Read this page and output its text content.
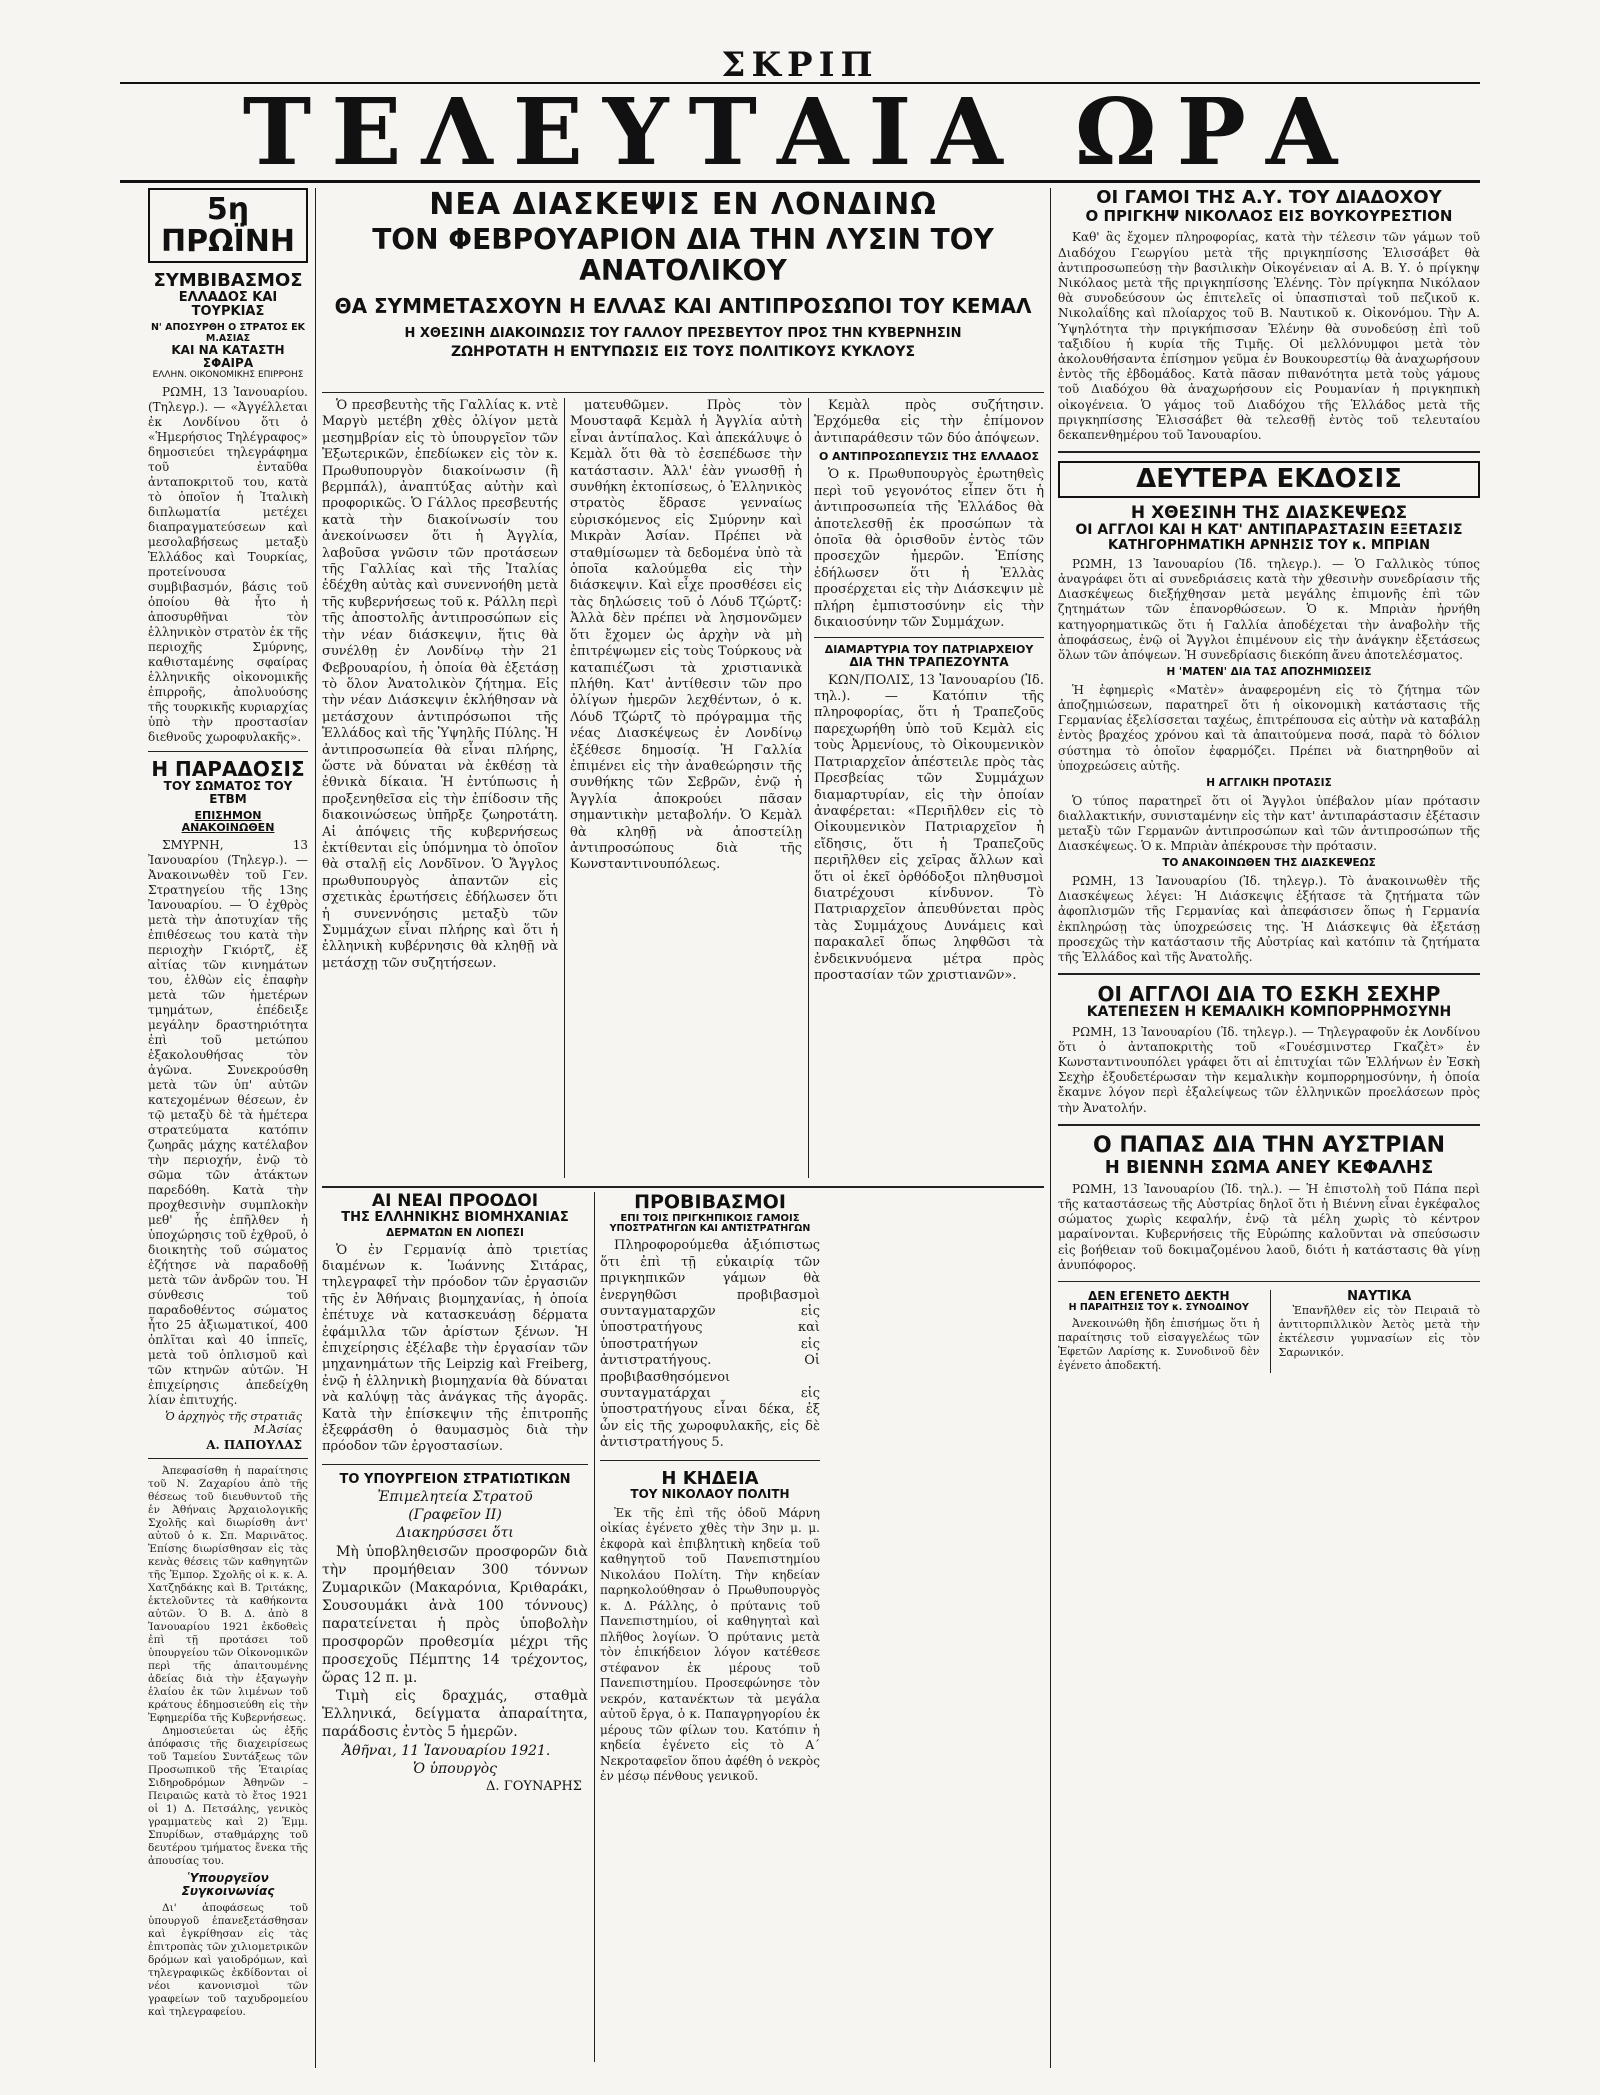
ΣΚΡΙΠ
ΤΕΛΕΥΤΑΙΑ ΩΡΑ
5η ΠΡΩΪΝΗ
ΣΥΜΒΙΒΑΣΜΟΣ
ΕΛΛΑΔΟΣ ΚΑΙ ΤΟΥΡΚΙΑΣ
Ν' ΑΠΟΣΥΡΘΗ Ο ΣΤΡΑΤΟΣ ΕΚ Μ.ΑΣΙΑΣ
ΚΑΙ ΝΑ ΚΑΤΑΣΤΗ ΣΦΑΙΡΑ
ΕΛΛΗΝ. ΟΙΚΟΝΟΜΙΚΗΣ ΕΠΙΡΡΟΗΣ

ΡΩΜΗ, 13 Ἰανουαρίου. (Τηλεγρ.). — «Ἀγγέλλεται ἐκ Λονδίνου ὅτι ὁ «Ἡμερήσιος Τηλέγραφος» δημοσιεύει τηλεγράφημα τοῦ ἐνταῦθα ἀνταποκριτοῦ του, κατὰ τὸ ὁποῖον ἡ Ἰταλικὴ διπλωματία μετέχει διαπραγματεύσεων καὶ μεσολαβήσεως μεταξὺ Ἑλλάδος καὶ Τουρκίας, προτείνουσα συμβιβασμόν, βάσις τοῦ ὁποίου θὰ ἦτο ἡ ἀποσυρθῆναι τὸν ἑλληνικὸν στρατὸν ἐκ τῆς περιοχῆς Σμύρνης, καθισταμένης σφαίρας ἑλληνικῆς οἰκονομικῆς ἐπιρροῆς, ἀπολυούσης τῆς τουρκικῆς κυριαρχίας ὑπὸ τὴν προστασίαν διεθνοῦς χωροφυλακῆς».

Η ΠΑΡΑΔΟΣΙΣ
ΤΟΥ ΣΩΜΑΤΟΣ ΤΟΥ ΕΤΒΜ
ΕΠΙΣΗΜΟΝ ΑΝΑΚΟΙΝΩΘΕΝ

ΣΜΥΡΝΗ, 13 Ἰανουαρίου (Τηλεγρ.). — Ἀνακοινωθὲν τοῦ Γεν. Στρατηγείου τῆς 13ης Ἰανουαρίου. — Ὁ ἐχθρὸς μετὰ τὴν ἀποτυχίαν τῆς ἐπιθέσεως του κατὰ τὴν περιοχὴν Γκιόρτζ, ἐξ αἰτίας τῶν κινημάτων του, ἐλθὼν εἰς ἐπαφὴν μετὰ τῶν ἡμετέρων τμημάτων, ἐπέδειξε μεγάλην δραστηριότητα ἐπὶ τοῦ μετώπου ἐξακολουθήσας τὸν ἀγῶνα. Συνεκρούσθη μετὰ τῶν ὑπ' αὐτῶν κατεχομένων θέσεων, ἐν τῷ μεταξὺ δὲ τὰ ἡμέτερα στρατεύματα κατόπιν ζωηρᾶς μάχης κατέλαβον τὴν περιοχήν, ἐνῷ τὸ σῶμα τῶν ἀτάκτων παρεδόθη. Κατὰ τὴν προχθεσινὴν συμπλοκὴν μεθ' ἧς ἐπῆλθεν ἡ ὑποχώρησις τοῦ ἐχθροῦ, ὁ διοικητὴς τοῦ σώματος ἐζήτησε νὰ παραδοθῇ μετὰ τῶν ἀνδρῶν του. Ἡ σύνθεσις τοῦ παραδοθέντος σώματος ἦτο 25 ἀξιωματικοί, 400 ὁπλῖται καὶ 40 ἱππεῖς, μετὰ τοῦ ὁπλισμοῦ καὶ τῶν κτηνῶν αὐτῶν. Ἡ ἐπιχείρησις ἀπεδείχθη λίαν ἐπιτυχής.

Ὁ ἀρχηγὸς τῆς στρατιᾶς Μ.Ἀσίας
Α. ΠΑΠΟΥΛΑΣ

Ἀπεφασίσθη ἡ παραίτησις τοῦ Ν. Ζαχαρίου ἀπὸ τῆς θέσεως τοῦ διευθυντοῦ τῆς ἐν Ἀθήναις Ἀρχαιολογικῆς Σχολῆς καὶ διωρίσθη ἀντ' αὐτοῦ ὁ κ. Σπ. Μαρινᾶτος. Ἐπίσης διωρίσθησαν εἰς τὰς κενὰς θέσεις τῶν καθηγητῶν τῆς Ἐμπορ. Σχολῆς οἱ κ. κ. Α. Χατζηδάκης καὶ Β. Τριτάκης, ἐκτελοῦντες τὰ καθήκοντα αὐτῶν. Ὁ Β. Δ. ἀπὸ 8 Ἰανουαρίου 1921 ἐκδοθεὶς ἐπὶ τῇ προτάσει τοῦ ὑπουργείου τῶν Οἰκονομικῶν περὶ τῆς ἀπαιτουμένης ἀδείας διὰ τὴν ἐξαγωγὴν ἐλαίου ἐκ τῶν λιμένων τοῦ κράτους ἐδημοσιεύθη εἰς τὴν Ἐφημερίδα τῆς Κυβερνήσεως.

Δημοσιεύεται ὡς ἐξῆς ἀπόφασις τῆς διαχειρίσεως τοῦ Ταμείου Συντάξεως τῶν Προσωπικοῦ τῆς Ἑταιρίας Σιδηροδρόμων Ἀθηνῶν – Πειραιῶς κατὰ τὸ ἔτος 1921 οἱ 1) Δ. Πετσάλης, γενικὸς γραμματεὺς καὶ 2) Ἐμμ. Σπυρίδων, σταθμάρχης τοῦ δευτέρου τμήματος ἔνεκα τῆς ἀπουσίας του.

Ὑπουργεῖον Συγκοινωνίας

Δι' ἀποφάσεως τοῦ ὑπουργοῦ ἐπανεξετάσθησαν καὶ ἐγκρίθησαν εἰς τὰς ἐπιτροπὰς τῶν χιλιομετρικῶν δρόμων καὶ γαιοδρόμων, καὶ τηλεγραφικῶς ἐκδίδονται οἱ νέοι κανονισμοὶ τῶν γραφείων τοῦ ταχυδρομείου καὶ τηλεγραφείου.

ΝΕΑ ΔΙΑΣΚΕΨΙΣ ΕΝ ΛΟΝΔΙΝΩ
ΤΟΝ ΦΕΒΡΟΥΑΡΙΟΝ ΔΙΑ ΤΗΝ ΛΥΣΙΝ ΤΟΥ ΑΝΑΤΟΛΙΚΟΥ
ΘΑ ΣΥΜΜΕΤΑΣΧΟΥΝ Η ΕΛΛΑΣ ΚΑΙ ΑΝΤΙΠΡΟΣΩΠΟΙ ΤΟΥ ΚΕΜΑΛ
Η ΧΘΕΣΙΝΗ ΔΙΑΚΟΙΝΩΣΙΣ ΤΟΥ ΓΑΛΛΟΥ ΠΡΕΣΒΕΥΤΟΥ ΠΡΟΣ ΤΗΝ ΚΥΒΕΡΝΗΣΙΝ
ΖΩΗΡΟΤΑΤΗ Η ΕΝΤΥΠΩΣΙΣ ΕΙΣ ΤΟΥΣ ΠΟΛΙΤΙΚΟΥΣ ΚΥΚΛΟΥΣ

Ὁ πρεσβευτὴς τῆς Γαλλίας κ. ντὲ Μαργὺ μετέβη χθὲς ὀλίγον μετὰ μεσημβρίαν εἰς τὸ ὑπουργεῖον τῶν Ἐξωτερικῶν, ἐπεδίωκεν εἰς τὸν κ. Πρωθυπουργὸν διακοίνωσιν (ἢ βερμπάλ), ἀναπτύξας αὐτὴν καὶ προφορικῶς. Ὁ Γάλλος πρεσβευτής κατὰ τὴν διακοίνωσίν του ἀνεκοίνωσεν ὅτι ἡ Ἀγγλία, λαβοῦσα γνῶσιν τῶν προτάσεων τῆς Γαλλίας καὶ τῆς Ἰταλίας ἐδέχθη αὐτὰς καὶ συνεννοήθη μετὰ τῆς κυβερνήσεως τοῦ κ. Ράλλη περὶ τῆς ἀποστολῆς ἀντιπροσώπων εἰς τὴν νέαν διάσκεψιν, ἥτις θὰ συνέλθῃ ἐν Λονδίνῳ τὴν 21 Φεβρουαρίου, ἡ ὁποία θὰ ἐξετάσῃ τὸ ὅλον Ἀνατολικὸν ζήτημα. Εἰς τὴν νέαν Διάσκεψιν ἐκλήθησαν νὰ μετάσχουν ἀντιπρόσωποι τῆς Ἑλλάδος καὶ τῆς Ὑψηλῆς Πύλης. Ἡ ἀντιπροσωπεία θὰ εἶναι πλήρης, ὥστε νὰ δύναται νὰ ἐκθέσῃ τὰ ἐθνικὰ δίκαια. Ἡ ἐντύπωσις ἡ προξενηθεῖσα εἰς τὴν ἐπίδοσιν τῆς διακοινώσεως ὑπῆρξε ζωηροτάτη. Αἱ ἀπόψεις τῆς κυβερνήσεως ἐκτίθενται εἰς ὑπόμνημα τὸ ὁποῖον θὰ σταλῇ εἰς Λονδῖνον. Ὁ Ἄγγλος πρωθυπουργὸς ἀπαντῶν εἰς σχετικὰς ἐρωτήσεις ἐδήλωσεν ὅτι ἡ συνεννόησις μεταξὺ τῶν Συμμάχων εἶναι πλήρης καὶ ὅτι ἡ ἑλληνικὴ κυβέρνησις θὰ κληθῇ νὰ μετάσχῃ τῶν συζητήσεων.

ματευθῶμεν. Πρὸς τὸν Μουσταφᾶ Κεμὰλ ἡ Ἀγγλία αὐτὴ εἶναι ἀντίπαλος. Καὶ ἀπεκάλυψε ὁ Κεμὰλ ὅτι θὰ τὸ ἐσεπέδωσε τὴν κατάστασιν. Ἀλλ' ἐὰν γνωσθῇ ἡ συνθήκη ἐκτοπίσεως, ὁ Ἑλληνικὸς στρατὸς ἔδρασε γενναίως εὑρισκόμενος εἰς Σμύρνην καὶ Μικρὰν Ἀσίαν. Πρέπει νὰ σταθμίσωμεν τὰ δεδομένα ὑπὸ τὰ ὁποῖα καλούμεθα εἰς τὴν διάσκεψιν. Καὶ εἶχε προσθέσει εἰς τὰς δηλώσεις τοῦ ὁ Λόυδ Τζώρτζ: Ἀλλὰ δὲν πρέπει νὰ λησμονῶμεν ὅτι ἔχομεν ὡς ἀρχὴν νὰ μὴ ἐπιτρέψωμεν εἰς τοὺς Τούρκους νὰ καταπιέζωσι τὰ χριστιανικὰ πλήθη. Κατ' ἀντίθεσιν τῶν προ ὀλίγων ἡμερῶν λεχθέντων, ὁ κ. Λόυδ Τζώρτζ τὸ πρόγραμμα τῆς νέας Διασκέψεως ἐν Λονδίνῳ ἐξέθεσε δημοσίᾳ. Ἡ Γαλλία ἐπιμένει εἰς τὴν ἀναθεώρησιν τῆς συνθήκης τῶν Σεβρῶν, ἐνῷ ἡ Ἀγγλία ἀποκρούει πᾶσαν σημαντικὴν μεταβολήν. Ὁ Κεμὰλ θὰ κληθῇ νὰ ἀποστείλῃ ἀντιπροσώπους διὰ τῆς Κωνσταντινουπόλεως.

Κεμὰλ πρὸς συζήτησιν. Ἐρχόμεθα εἰς τὴν ἐπίμονον ἀντιπαράθεσιν τῶν δύο ἀπόψεων.

Ο ΑΝΤΙΠΡΟΣΩΠΕΥΣΙΣ ΤΗΣ ΕΛΛΑΔΟΣ

Ὁ κ. Πρωθυπουργὸς ἐρωτηθεὶς περὶ τοῦ γεγονότος εἶπεν ὅτι ἡ ἀντιπροσωπεία τῆς Ἑλλάδος θὰ ἀποτελεσθῇ ἐκ προσώπων τὰ ὁποῖα θὰ ὁρισθοῦν ἐντὸς τῶν προσεχῶν ἡμερῶν. Ἐπίσης ἐδήλωσεν ὅτι ἡ Ἑλλὰς προσέρχεται εἰς τὴν Διάσκεψιν μὲ πλήρη ἐμπιστοσύνην εἰς τὴν δικαιοσύνην τῶν Συμμάχων.

ΔΙΑΜΑΡΤΥΡΙΑ ΤΟΥ ΠΑΤΡΙΑΡΧΕΙΟΥ
ΔΙΑ ΤΗΝ ΤΡΑΠΕΖΟΥΝΤΑ

ΚΩΝ/ΠΟΛΙΣ, 13 Ἰανουαρίου (Ἰδ. τηλ.). — Κατόπιν τῆς πληροφορίας, ὅτι ἡ Τραπεζοῦς παρεχωρήθη ὑπὸ τοῦ Κεμὰλ εἰς τοὺς Ἀρμενίους, τὸ Οἰκουμενικὸν Πατριαρχεῖον ἀπέστειλε πρὸς τὰς Πρεσβείας τῶν Συμμάχων διαμαρτυρίαν, εἰς τὴν ὁποίαν ἀναφέρεται: «Περιῆλθεν εἰς τὸ Οἰκουμενικὸν Πατριαρχεῖον ἡ εἴδησις, ὅτι ἡ Τραπεζοῦς περιῆλθεν εἰς χεῖρας ἄλλων καὶ ὅτι οἱ ἐκεῖ ὀρθόδοξοι πληθυσμοὶ διατρέχουσι κίνδυνον. Τὸ Πατριαρχεῖον ἀπευθύνεται πρὸς τὰς Συμμάχους Δυνάμεις καὶ παρακαλεῖ ὅπως ληφθῶσι τὰ ἐνδεικνυόμενα μέτρα πρὸς προστασίαν τῶν χριστιανῶν».

ΑΙ ΝΕΑΙ ΠΡΟΟΔΟΙ
ΤΗΣ ΕΛΛΗΝΙΚΗΣ ΒΙΟΜΗΧΑΝΙΑΣ
ΔΕΡΜΑΤΩΝ ΕΝ ΛΙΟΠΕΣΙ

Ὁ ἐν Γερμανίᾳ ἀπὸ τριετίας διαμένων κ. Ἰωάννης Σιτάρας, τηλεγραφεῖ τὴν πρόοδον τῶν ἐργασιῶν τῆς ἐν Ἀθήναις βιομηχανίας, ἡ ὁποία ἐπέτυχε νὰ κατασκευάσῃ δέρματα ἐφάμιλλα τῶν ἀρίστων ξένων. Ἡ ἐπιχείρησις ἐξέλαβε τὴν ἐργασίαν τῶν μηχανημάτων τῆς Leipzig καὶ Freiberg, ἐνῷ ἡ ἑλληνικὴ βιομηχανία θὰ δύναται νὰ καλύψῃ τὰς ἀνάγκας τῆς ἀγορᾶς. Κατὰ τὴν ἐπίσκεψιν τῆς ἐπιτροπῆς ἐξεφράσθη ὁ θαυμασμὸς διὰ τὴν πρόοδον τῶν ἐργοστασίων.

ΤΟ ΥΠΟΥΡΓΕΙΟΝ ΣΤΡΑΤΙΩΤΙΚΩΝ
Ἐπιμελητεία Στρατοῦ
(Γραφεῖον ΙΙ)
Διακηρύσσει ὅτι

Μὴ ὑποβληθεισῶν προσφορῶν διὰ τὴν προμήθειαν 300 τόννων Ζυμαρικῶν (Μακαρόνια, Κριθαράκι, Σουσουμάκι ἀνὰ 100 τόννους) παρατείνεται ἡ πρὸς ὑποβολὴν προσφορῶν προθεσμία μέχρι τῆς προσεχοῦς Πέμπτης 14 τρέχοντος, ὥρας 12 π. μ.

Τιμὴ εἰς δραχμάς, σταθμὰ Ἑλληνικά, δείγματα ἀπαραίτητα, παράδοσις ἐντὸς 5 ἡμερῶν.

Ἀθῆναι, 11 Ἰανουαρίου 1921.
Ὁ ὑπουργὸς
Δ. ΓΟΥΝΑΡΗΣ
ΠΡΟΒΙΒΑΣΜΟΙ
ΕΠΙ ΤΟΙΣ ΠΡΙΓΚΗΠΙΚΟΙΣ ΓΑΜΟΙΣ
ΥΠΟΣΤΡΑΤΗΓΩΝ ΚΑΙ ΑΝΤΙΣΤΡΑΤΗΓΩΝ

Πληροφορούμεθα ἀξιόπιστως ὅτι ἐπὶ τῇ εὐκαιρίᾳ τῶν πριγκηπικῶν γάμων θὰ ἐνεργηθῶσι προβιβασμοὶ συνταγματαρχῶν εἰς ὑποστρατήγους καὶ ὑποστρατήγων εἰς ἀντιστρατήγους. Οἱ προβιβασθησόμενοι συνταγματάρχαι εἰς ὑποστρατήγους εἶναι δέκα, ἐξ ὧν εἰς τῆς χωροφυλακῆς, εἰς δὲ ἀντιστρατήγους 5.

Η ΚΗΔΕΙΑ
ΤΟΥ ΝΙΚΟΛΑΟΥ ΠΟΛΙΤΗ

Ἐκ τῆς ἐπὶ τῆς ὁδοῦ Μάρνη οἰκίας ἐγένετο χθὲς τὴν 3ην μ. μ. ἐκφορὰ καὶ ἐπιβλητικὴ κηδεία τοῦ καθηγητοῦ τοῦ Πανεπιστημίου Νικολάου Πολίτη. Τὴν κηδείαν παρηκολούθησαν ὁ Πρωθυπουργὸς κ. Δ. Ράλλης, ὁ πρύτανις τοῦ Πανεπιστημίου, οἱ καθηγηταὶ καὶ πλῆθος λογίων. Ὁ πρύτανις μετὰ τὸν ἐπικήδειον λόγον κατέθεσε στέφανον ἐκ μέρους τοῦ Πανεπιστημίου. Προσεφώνησε τὸν νεκρόν, κατανέκτων τὰ μεγάλα αὐτοῦ ἔργα, ὁ κ. Παπαγρηγορίου ἐκ μέρους τῶν φίλων του. Κατόπιν ἡ κηδεία ἐγένετο εἰς τὸ Α΄ Νεκροταφεῖον ὅπου ἀφέθη ὁ νεκρὸς ἐν μέσῳ πένθους γενικοῦ.

ΟΙ ΓΑΜΟΙ ΤΗΣ Α.Υ. ΤΟΥ ΔΙΑΔΟΧΟΥ
Ο ΠΡΙΓΚΗΨ ΝΙΚΟΛΑΟΣ ΕΙΣ ΒΟΥΚΟΥΡΕΣΤΙΟΝ

Καθ' ἃς ἔχομεν πληροφορίας, κατὰ τὴν τέλεσιν τῶν γάμων τοῦ Διαδόχου Γεωργίου μετὰ τῆς πριγκηπίσσης Ἑλισσάβετ θὰ ἀντιπροσωπεύσῃ τὴν βασιλικὴν Οἰκογένειαν αἱ Α. Β. Υ. ὁ πρίγκηψ Νικόλαος μετὰ τῆς πριγκηπίσσης Ἑλένης. Τὸν πρίγκηπα Νικόλαον θὰ συνοδεύσουν ὡς ἐπιτελεῖς οἱ ὑπασπισταὶ τοῦ πεζικοῦ κ. Νικολαΐδης καὶ πλοίαρχος τοῦ Β. Ναυτικοῦ κ. Οἰκονόμου. Τὴν Α. Ὑψηλότητα τὴν πριγκήπισσαν Ἑλένην θὰ συνοδεύσῃ ἐπὶ τοῦ ταξιδίου ἡ κυρία τῆς Τιμῆς. Οἱ μελλόνυμφοι μετὰ τὸν ἀκολουθήσαντα ἐπίσημον γεῦμα ἐν Βουκουρεστίῳ θὰ ἀναχωρήσουν ἐντὸς τῆς ἐβδομάδος. Κατὰ πᾶσαν πιθανότητα μετὰ τοὺς γάμους τοῦ Διαδόχου θὰ ἀναχωρήσουν εἰς Ρουμανίαν ἡ πριγκηπικὴ οἰκογένεια. Ὁ γάμος τοῦ Διαδόχου τῆς Ἑλλάδος μετὰ τῆς πριγκηπίσσης Ἑλισσάβετ θὰ τελεσθῇ ἐντὸς τοῦ τελευταίου δεκαπενθημέρου τοῦ Ἰανουαρίου.

ΔΕΥΤΕΡΑ ΕΚΔΟΣΙΣ
Η ΧΘΕΣΙΝΗ ΤΗΣ ΔΙΑΣΚΕΨΕΩΣ
ΟΙ ΑΓΓΛΟΙ ΚΑΙ Η ΚΑΤ' ΑΝΤΙΠΑΡΑΣΤΑΣΙΝ ΕΞΕΤΑΣΙΣ
ΚΑΤΗΓΟΡΗΜΑΤΙΚΗ ΑΡΝΗΣΙΣ ΤΟΥ κ. ΜΠΡΙΑΝ

ΡΩΜΗ, 13 Ἰανουαρίου (Ἰδ. τηλεγρ.). — Ὁ Γαλλικὸς τύπος ἀναγράφει ὅτι αἱ συνεδριάσεις κατὰ τὴν χθεσινὴν συνεδρίασιν τῆς Διασκέψεως διεξήχθησαν μετὰ μεγάλης ἐπιμονῆς ἐπὶ τῶν ζητημάτων τῶν ἐπανορθώσεων. Ὁ κ. Μπριὰν ἠρνήθη κατηγορηματικῶς ὅτι ἡ Γαλλία ἀποδέχεται τὴν ἀναβολὴν τῆς ἀποφάσεως, ἐνῷ οἱ Ἄγγλοι ἐπιμένουν εἰς τὴν ἀνάγκην ἐξετάσεως ὅλων τῶν ἀπόψεων. Ἡ συνεδρίασις διεκόπη ἄνευ ἀποτελέσματος.

Η 'ΜΑΤΕΝ' ΔΙΑ ΤΑΣ ΑΠΟΖΗΜΙΩΣΕΙΣ

Ἡ ἐφημερὶς «Ματὲν» ἀναφερομένη εἰς τὸ ζήτημα τῶν ἀποζημιώσεων, παρατηρεῖ ὅτι ἡ οἰκονομικὴ κατάστασις τῆς Γερμανίας ἐξελίσσεται ταχέως, ἐπιτρέπουσα εἰς αὐτὴν νὰ καταβάλῃ ἐντὸς βραχέος χρόνου καὶ τὰ ἀπαιτούμενα ποσά, παρὰ τὸ δόλιον σύστημα τὸ ὁποῖον ἐφαρμόζει. Πρέπει νὰ διατηρηθοῦν αἱ ὑποχρεώσεις αὐτῆς.

Η ΑΓΓΛΙΚΗ ΠΡΟΤΑΣΙΣ

Ὁ τύπος παρατηρεῖ ὅτι οἱ Ἄγγλοι ὑπέβαλον μίαν πρότασιν διαλλακτικήν, συνισταμένην εἰς τὴν κατ' ἀντιπαράστασιν ἐξέτασιν μεταξὺ τῶν Γερμανῶν ἀντιπροσώπων καὶ τῶν ἀντιπροσώπων τῆς Διασκέψεως. Ὁ κ. Μπριὰν ἀπέκρουσε τὴν πρότασιν.

ΤΟ ΑΝΑΚΟΙΝΩΘΕΝ ΤΗΣ ΔΙΑΣΚΕΨΕΩΣ

ΡΩΜΗ, 13 Ἰανουαρίου (Ἰδ. τηλεγρ.). Τὸ ἀνακοινωθὲν τῆς Διασκέψεως λέγει: Ἡ Διάσκεψις ἐξήτασε τὰ ζητήματα τῶν ἀφοπλισμῶν τῆς Γερμανίας καὶ ἀπεφάσισεν ὅπως ἡ Γερμανία ἐκπληρώσῃ τὰς ὑποχρεώσεις της. Ἡ Διάσκεψις θὰ ἐξετάσῃ προσεχῶς τὴν κατάστασιν τῆς Αὐστρίας καὶ κατόπιν τὰ ζητήματα τῆς Ἑλλάδος καὶ τῆς Ἀνατολῆς.

ΟΙ ΑΓΓΛΟΙ ΔΙΑ ΤΟ ΕΣΚΗ ΣΕΧΗΡ
ΚΑΤΕΠΕΣΕΝ Η ΚΕΜΑΛΙΚΗ ΚΟΜΠΟΡΡΗΜΟΣΥΝΗ

ΡΩΜΗ, 13 Ἰανουαρίου (Ἰδ. τηλεγρ.). — Τηλεγραφοῦν ἐκ Λονδίνου ὅτι ὁ ἀνταποκριτὴς τοῦ «Γουέσμινστερ Γκαζὲτ» ἐν Κωνσταντινουπόλει γράφει ὅτι αἱ ἐπιτυχίαι τῶν Ἑλλήνων ἐν Ἐσκὴ Σεχὴρ ἐξουδετέρωσαν τὴν κεμαλικὴν κομπορρημοσύνην, ἡ ὁποία ἔκαμνε λόγον περὶ ἐξαλείψεως τῶν ἑλληνικῶν προελάσεων πρὸς τὴν Ἀνατολήν.

Ο ΠΑΠΑΣ ΔΙΑ ΤΗΝ ΑΥΣΤΡΙΑΝ
Η ΒΙΕΝΝΗ ΣΩΜΑ ΑΝΕΥ ΚΕΦΑΛΗΣ

ΡΩΜΗ, 13 Ἰανουαρίου (Ἰδ. τηλ.). — Ἡ ἐπιστολὴ τοῦ Πάπα περὶ τῆς καταστάσεως τῆς Αὐστρίας δηλοῖ ὅτι ἡ Βιέννη εἶναι ἐγκέφαλος σώματος χωρὶς κεφαλήν, ἐνῷ τὰ μέλη χωρὶς τὸ κέντρον μαραίνονται. Κυβερνήσεις τῆς Εὐρώπης καλοῦνται νὰ σπεύσωσιν εἰς βοήθειαν τοῦ δοκιμαζομένου λαοῦ, διότι ἡ κατάστασις θὰ γίνῃ ἀνυπόφορος.

ΔΕΝ ΕΓΕΝΕΤΟ ΔΕΚΤΗ
Η ΠΑΡΑΙΤΗΣΙΣ ΤΟΥ κ. ΣΥΝΟΔΙΝΟΥ

Ἀνεκοινώθη ἤδη ἐπισήμως ὅτι ἡ παραίτησις τοῦ εἰσαγγελέως τῶν Ἐφετῶν Λαρίσης κ. Συνοδινοῦ δὲν ἐγένετο ἀποδεκτή.

ΝΑΥΤΙΚΑ

Ἐπανῆλθεν εἰς τὸν Πειραιᾶ τὸ ἀντιτορπιλλικὸν Ἀετὸς μετὰ τὴν ἐκτέλεσιν γυμνασίων εἰς τὸν Σαρωνικόν.
